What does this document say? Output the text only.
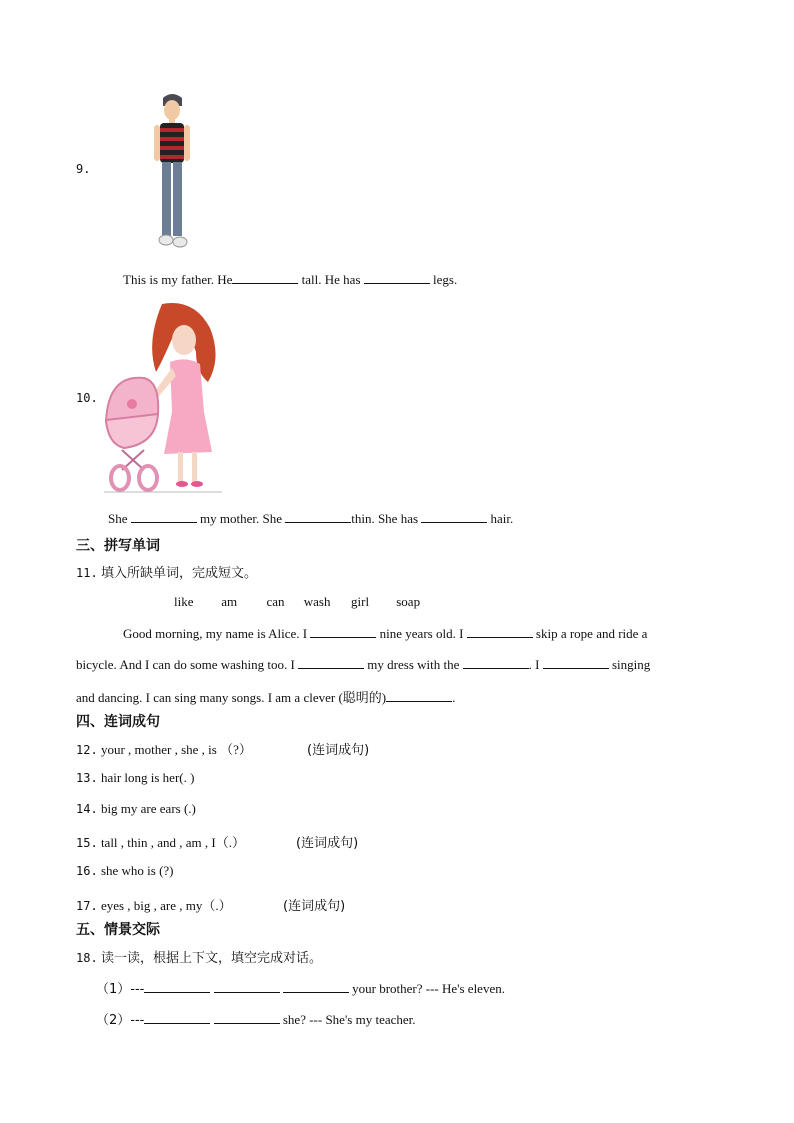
9.
This is my father. He	tall. He has	legs.
10.
She	my mother. She	thin. She has	hair.
三、拼写单词
11. 填入所缺单词，完成短文。
like am can wash girl soap
Good morning, my name is Alice. I	nine years old. I	skip a rope and ride a
bicycle. And I can do some washing too. I	my dress with the	. I	singing
and dancing. I can sing many songs. I am a clever (聪明的)	.
四、连词成句
12. your , mother , she , is （?）	(连词成句)
13. hair long is her(. )
14. big my are ears (.)
15. tall , thin , and , am , I（.）	(连词成句)
16. she who is (?)
17. eyes , big , are , my（.）	(连词成句)
五、情景交际
18. 读一读，根据上下文，填空完成对话。
（1）---	your brother? --- He's eleven.
（2）---	she? --- She's my teacher.
